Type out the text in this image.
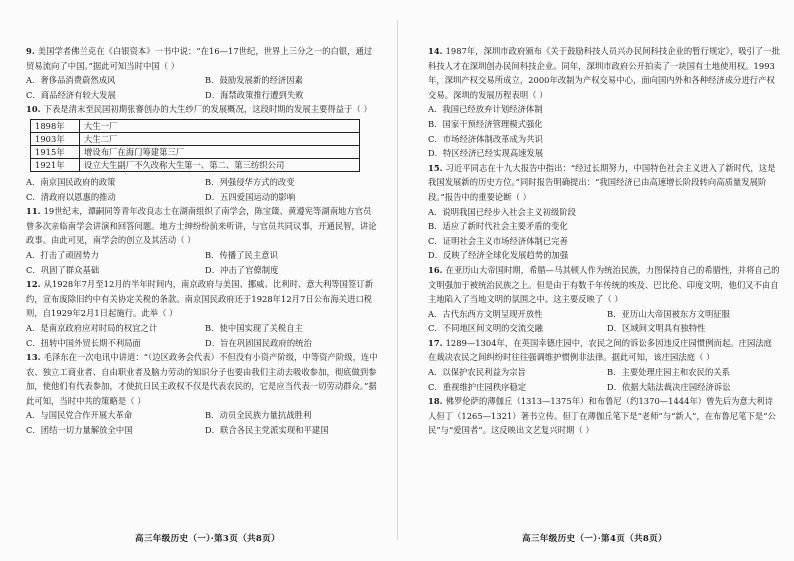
9. 美国学者佛兰克在《白银资本》一书中说：“在16—17世纪，世界上三分之一的白银，通过贸易流向了中国。”据此可知当时中国（ ）
A．奢侈品消费蔚然成风	B．鼓励发展新的经济因素
C．商品经济有较大发展	D．海禁政策推行遭到失败
10. 下表是清末至民国初期张謇创办的大生纱厂的发展概况，这段时期的发展主要得益于（ ）
1898年	大生一厂
1903年	大生二厂
1915年	增设布厂在海门筹建第三厂
1921年	设立大生副厂不久改称大生第一、第二、第三纺织公司
A．南京国民政府的政策	B．列强侵华方式的改变
C．清政府以恩惠的推动	D．五四爱国运动的影响
11. 19世纪末，谭嗣同等青年改良志士在湖南组织了南学会，陈宝箴、黄遵宪等湖南地方官员曾多次亲临南学会讲演和回答问题。地方士绅纷纷前来听讲，与官员共同议事，开通民智，讲论政事。由此可见，南学会的创立及其活动（ ）
A．打击了顽固势力	B．传播了民主意识
C．巩固了群众基础	D．冲击了官僚制度
12. 从1928年7月至12月的半年时间内，南京政府与美国、挪威、比利时、意大利等国签订新约，宣布废除旧约中有关协定关税的条款。南京国民政府还于1928年12月7日公布海关进口税则，自1929年2月1日起施行。此举（ ）
A．是南京政府应对时局的权宜之计	B．使中国实现了关税自主
C．扭转中国外贸长期不利局面	D．旨在巩固国民政府的统治
13. 毛泽东在一次电讯中讲道：“（边区政务会代表）不但没有小资产阶级，中等资产阶级，连中农、独立工商业者、自由职业者及脑力劳动的知识分子也要由我们主动去吸收参加，彻底做到参加，使他们有代表参加，才使抗日民主政权不仅是代表农民的，它是应当代表一切劳动群众。”据此可知，当时中共的策略是（ ）
A．与国民党合作开展大革命	B．动员全民族力量抗战胜利
C．团结一切力量解放全中国	D．联合各民主党派实现和平建国
14. 1987年，深圳市政府颁布《关于鼓励科技人员兴办民间科技企业的暂行规定》，吸引了一批科技人才在深圳创办民间科技企业。同年，深圳市政府公开拍卖了一块国有土地使用权。1993年，深圳产权交易所成立，2000年改制为产权交易中心，面向国内外和各种经济成分进行产权交易。深圳的发展历程表明（ ）
A．我国已经放弃计划经济体制
B．国家干预经济管理模式强化
C．市场经济体制改革成为共识
D．特区经济已经实现高速发展
15. 习近平同志在十九大报告中指出：“经过长期努力，中国特色社会主义进入了新时代，这是我国发展新的历史方位。”同时报告明确提出：“我国经济已由高速增长阶段转向高质量发展阶段。”报告中的重要论断（ ）
A．说明我国已经步入社会主义初级阶段
B．适应了新时代社会主要矛盾的变化
C．证明社会主义市场经济体制已完善
D．反映了经济全球化发展趋势的加强
16. 在亚历山大帝国时期，希腊—马其顿人作为统治民族，力图保持自己的希腊性，并将自己的文明强加于被统治民族之上。但是由于有数千年传统的埃及、巴比伦、印度文明，他们又不由自主地陷入了当地文明的氛围之中。这主要反映了（ ）
A．古代东西方文明呈现开放性	B．亚历山大帝国被东方文明征服
C．不同地区间文明的交流交融	D．区域间文明具有独特性
17. 1289—1304年，在英国幸德庄园中，农民之间的诉讼多因违反庄园惯例而起。庄园法庭在裁决农民之间纠纷时往往强调维护惯例非法律。据此可知，该庄园法庭（ ）
A．以保护农民利益为宗旨	B．主要处理庄园主和农民的关系
C．重视维护庄园秩序稳定	D．依据大陆法裁决庄园经济诉讼
18. 佛罗伦萨的薄伽丘（1313—1375年）和布鲁尼（约1370—1444年）曾先后为意大利诗人但丁（1265—1321）著书立传。但丁在薄伽丘笔下是“老师”与“新人”，在布鲁尼笔下是“公民”与“爱国者”。这反映出文艺复兴时期（ ）
高三年级历史（一）·第3页（共8页）	高三年级历史（一）·第4页（共8页）
